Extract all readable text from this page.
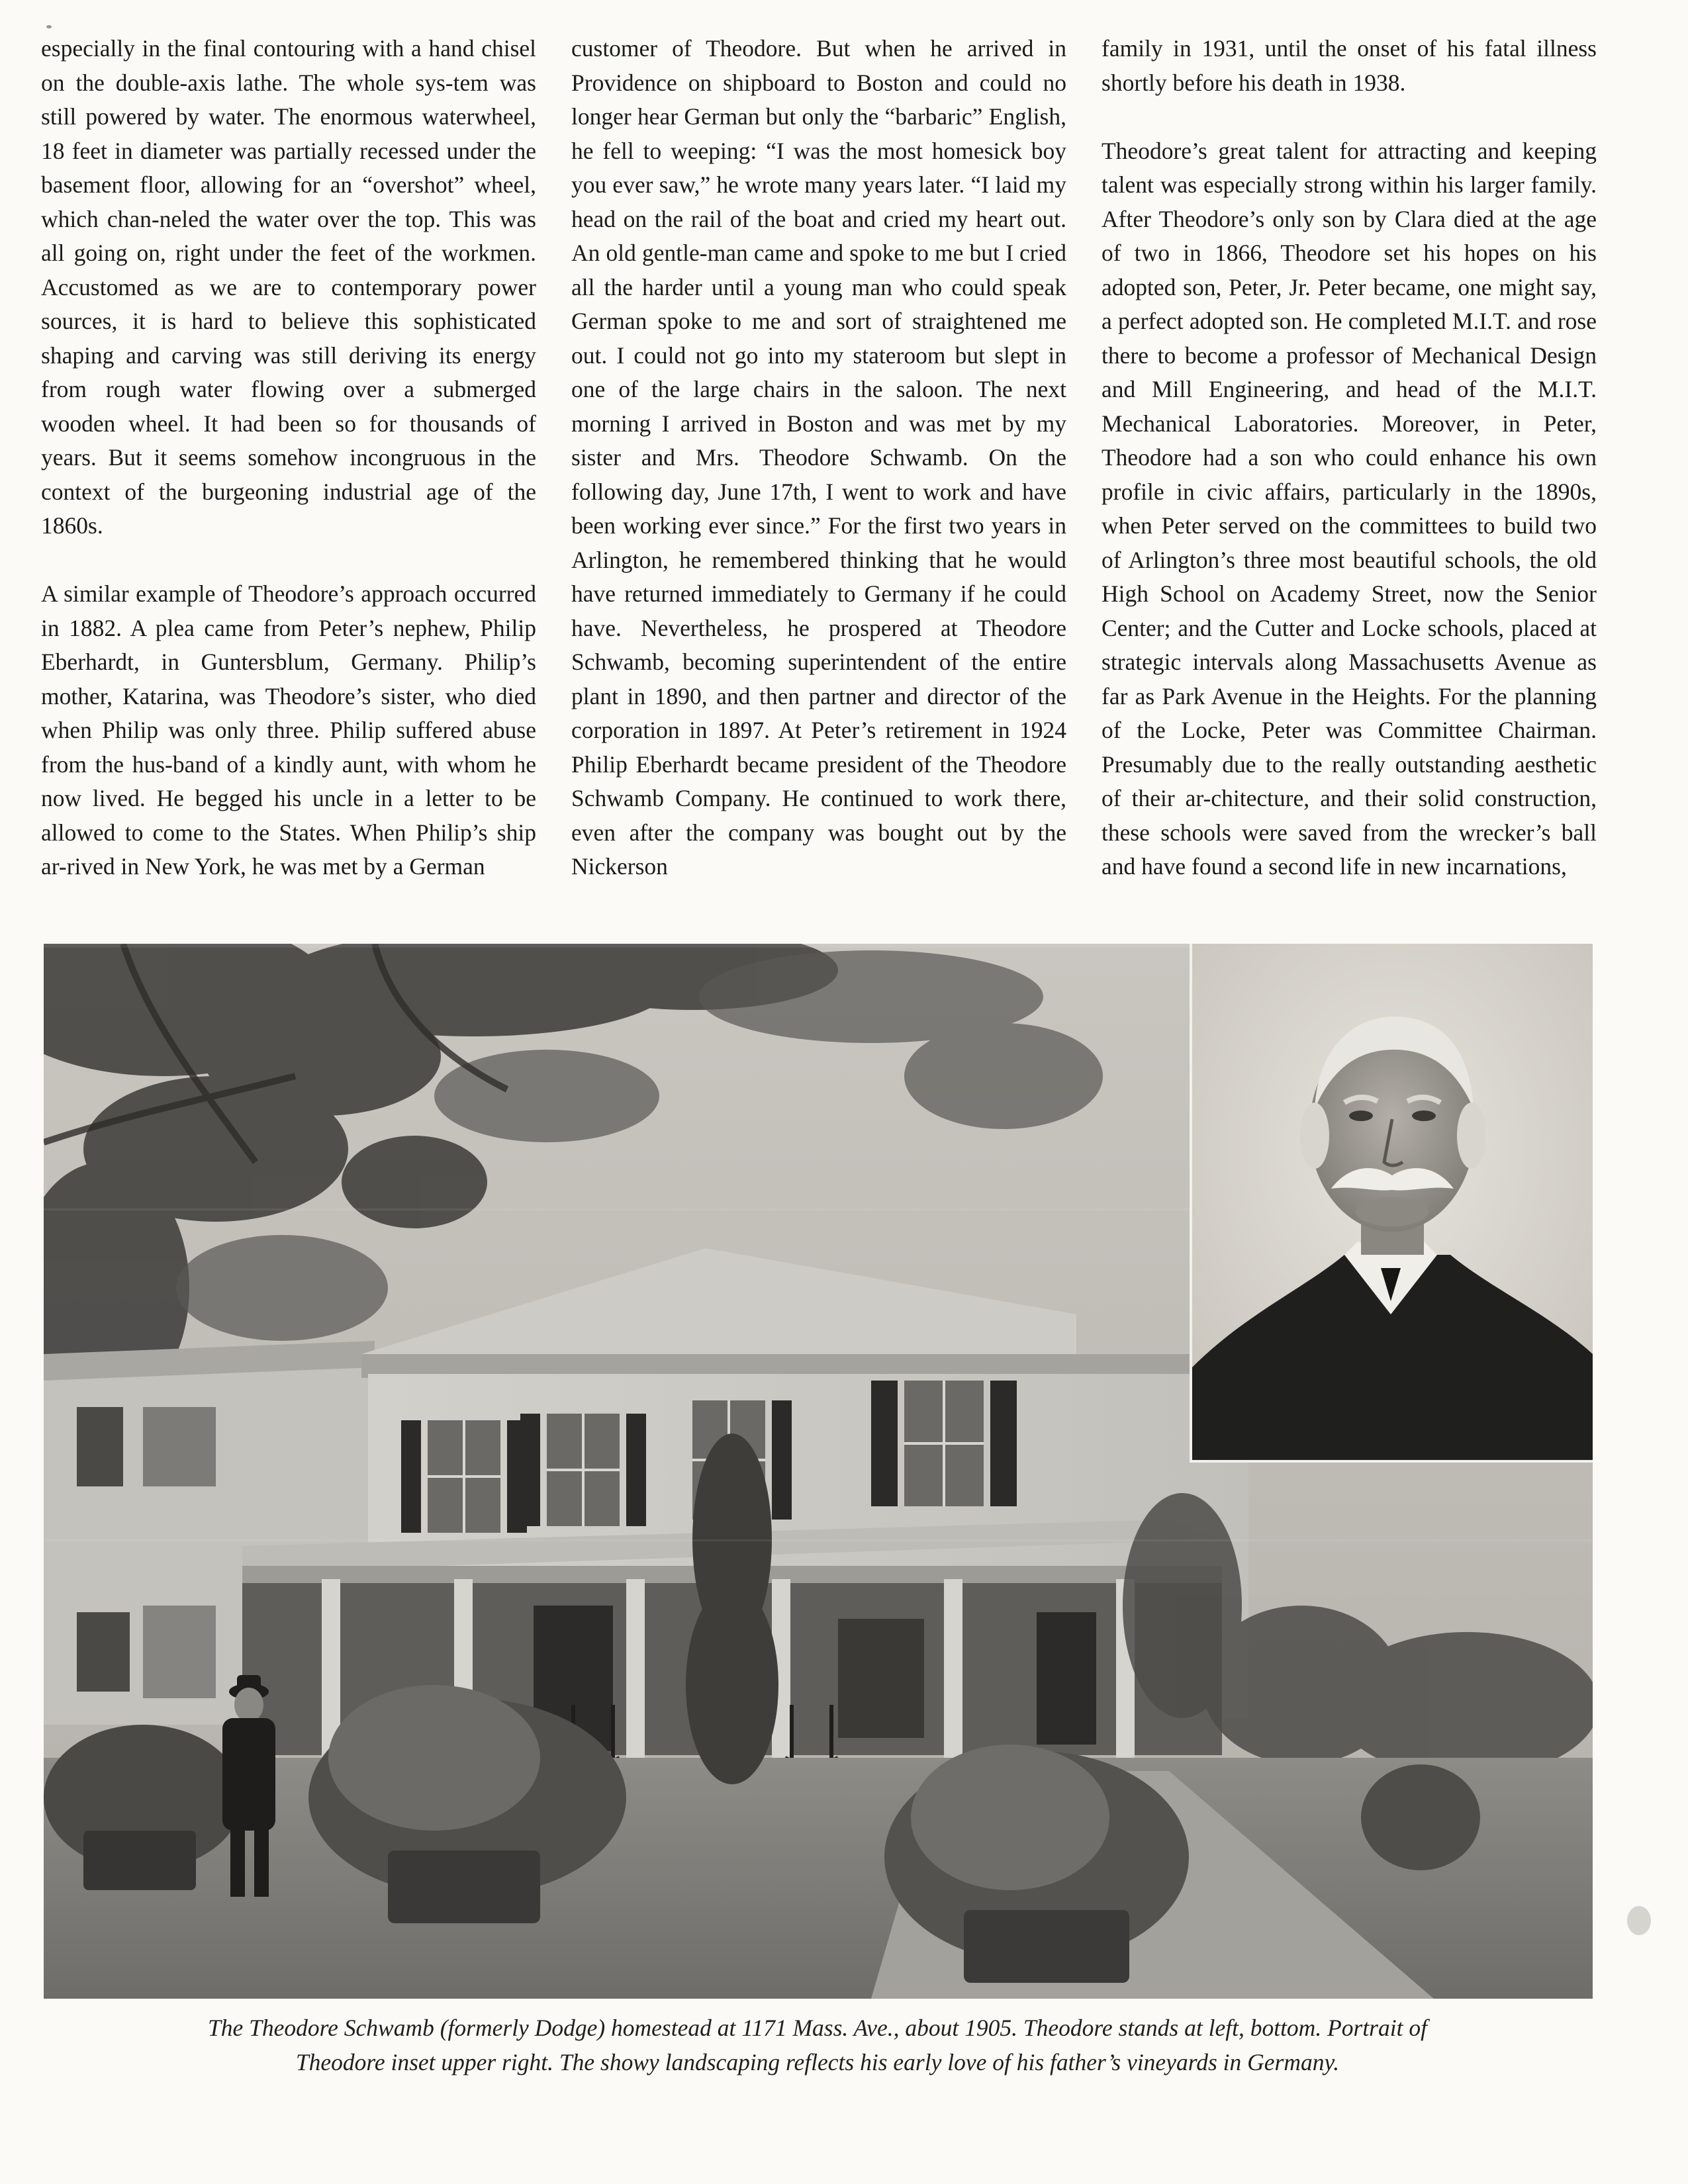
especially in the final contouring with a hand chisel on the double-axis lathe. The whole sys-tem was still powered by water. The enormous waterwheel, 18 feet in diameter was partially recessed under the basement floor, allowing for an “overshot” wheel, which chan-neled the water over the top. This was all going on, right under the feet of the workmen. Accustomed as we are to contemporary power sources, it is hard to believe this sophisticated shaping and carving was still deriving its energy from rough water flowing over a submerged wooden wheel. It had been so for thousands of years. But it seems somehow incongruous in the context of the burgeoning industrial age of the 1860s.

A similar example of Theodore’s approach occurred in 1882. A plea came from Peter’s nephew, Philip Eberhardt, in Guntersblum, Germany. Philip’s mother, Katarina, was Theodore’s sister, who died when Philip was only three. Philip suffered abuse from the hus-band of a kindly aunt, with whom he now lived. He begged his uncle in a letter to be allowed to come to the States. When Philip’s ship ar-rived in New York, he was met by a German

customer of Theodore. But when he arrived in Providence on shipboard to Boston and could no longer hear German but only the “barbaric” English, he fell to weeping: “I was the most homesick boy you ever saw,” he wrote many years later. “I laid my head on the rail of the boat and cried my heart out. An old gentle-man came and spoke to me but I cried all the harder until a young man who could speak German spoke to me and sort of straightened me out. I could not go into my stateroom but slept in one of the large chairs in the saloon. The next morning I arrived in Boston and was met by my sister and Mrs. Theodore Schwamb. On the following day, June 17th, I went to work and have been working ever since.” For the first two years in Arlington, he remembered thinking that he would have returned immediately to Germany if he could have. Nevertheless, he prospered at Theodore Schwamb, becoming superintendent of the entire plant in 1890, and then partner and director of the corporation in 1897. At Peter’s retirement in 1924 Philip Eberhardt became president of the Theodore Schwamb Company. He continued to work there, even after the company was bought out by the Nickerson

family in 1931, until the onset of his fatal illness shortly before his death in 1938.

Theodore’s great talent for attracting and keeping talent was especially strong within his larger family. After Theodore’s only son by Clara died at the age of two in 1866, Theodore set his hopes on his adopted son, Peter, Jr. Peter became, one might say, a perfect adopted son. He completed M.I.T. and rose there to become a professor of Mechanical Design and Mill Engineering, and head of the M.I.T. Mechanical Laboratories. Moreover, in Peter, Theodore had a son who could enhance his own profile in civic affairs, particularly in the 1890s, when Peter served on the committees to build two of Arlington’s three most beautiful schools, the old High School on Academy Street, now the Senior Center; and the Cutter and Locke schools, placed at strategic intervals along Massachusetts Avenue as far as Park Avenue in the Heights. For the planning of the Locke, Peter was Committee Chairman. Presumably due to the really outstanding aesthetic of their ar-chitecture, and their solid construction, these schools were saved from the wrecker’s ball and have found a second life in new incarnations,

The Theodore Schwamb (formerly Dodge) homestead at 1171 Mass. Ave., about 1905. Theodore stands at left, bottom. Portrait of
Theodore inset upper right. The showy landscaping reflects his early love of his father’s vineyards in Germany.
